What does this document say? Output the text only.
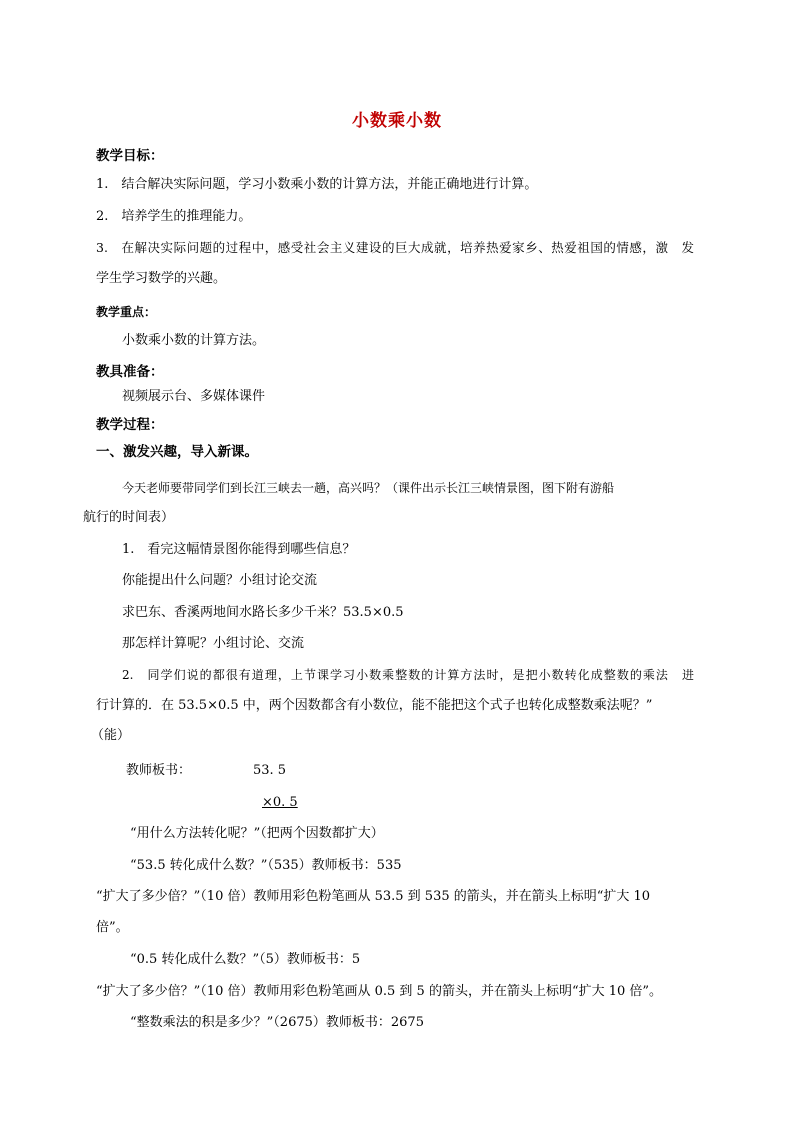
小数乘小数
教学目标：
1.　结合解决实际问题，学习小数乘小数的计算方法，并能正确地进行计算。
2.　培养学生的推理能力。
3.　在解决实际问题的过程中，感受社会主义建设的巨大成就，培养热爱家乡、热爱祖国的情感，激　发
学生学习数学的兴趣。
教学重点：
小数乘小数的计算方法。
教具准备：
视频展示台、多媒体课件
教学过程：
一、激发兴趣，导入新课。
今天老师要带同学们到长江三峡去一趟，高兴吗？（课件出示长江三峡情景图，图下附有游船
航行的时间表）
1.　看完这幅情景图你能得到哪些信息？
你能提出什么问题？小组讨论交流
求巴东、香溪两地间水路长多少千米？53.5×0.5
那怎样计算呢？小组讨论、交流
2.　同学们说的都很有道理，上节课学习小数乘整数的计算方法时，是把小数转化成整数的乘法　进
行计算的．在 53.5×0.5 中，两个因数都含有小数位，能不能把这个式子也转化成整数乘法呢？”
（能）
教师板书：	53. 5
×0. 5
“用什么方法转化呢？”（把两个因数都扩大）
“53.5 转化成什么数？”（535）教师板书：535
“扩大了多少倍？”（10 倍）教师用彩色粉笔画从 53.5 到 535 的箭头，并在箭头上标明“扩大 10
倍”。
“0.5 转化成什么数？”（5）教师板书：5
“扩大了多少倍？”（10 倍）教师用彩色粉笔画从 0.5 到 5 的箭头，并在箭头上标明“扩大 10 倍”。
“整数乘法的积是多少？”（2675）教师板书：2675
